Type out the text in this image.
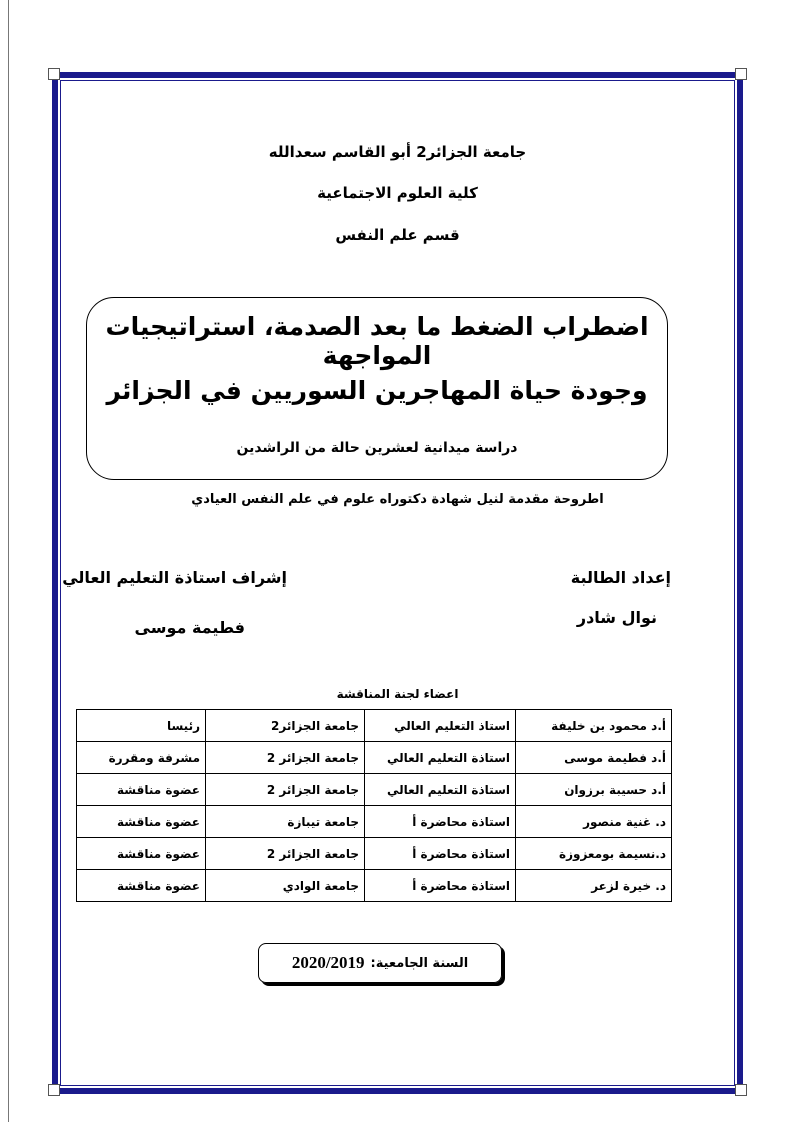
جامعة الجزائر2 أبو القاسم سعدالله
كلية العلوم الاجتماعية
قسم علم النفس
اضطراب الضغط ما بعد الصدمة، استراتيجيات المواجهة
وجودة حياة المهاجرين السوريين في الجزائر
دراسة ميدانية لعشرين حالة من الراشدين
اطروحة مقدمة لنيل شهادة دكتوراه علوم في علم النفس العيادي
إعداد الطالبة
نوال شادر
إشراف استاذة التعليم العالي
فطيمة موسى
اعضاء لجنة المناقشة
أ.د محمود بن خليفة	استاذ التعليم العالي	جامعة الجزائر2	رئيسا
أ.د فطيمة موسى	استاذة التعليم العالي	جامعة الجزائر 2	مشرفة ومقررة
أ.د حسيبة برزوان	استاذة التعليم العالي	جامعة الجزائر 2	عضوة مناقشة
د. غنية منصور	استاذة محاضرة أ	جامعة تيبازة	عضوة مناقشة
د.نسيمة بومعزوزة	استاذة محاضرة أ	جامعة الجزائر 2	عضوة مناقشة
د. خيرة لزعر	استاذة محاضرة أ	جامعة الوادي	عضوة مناقشة
السنة الجامعية:
2020/2019
